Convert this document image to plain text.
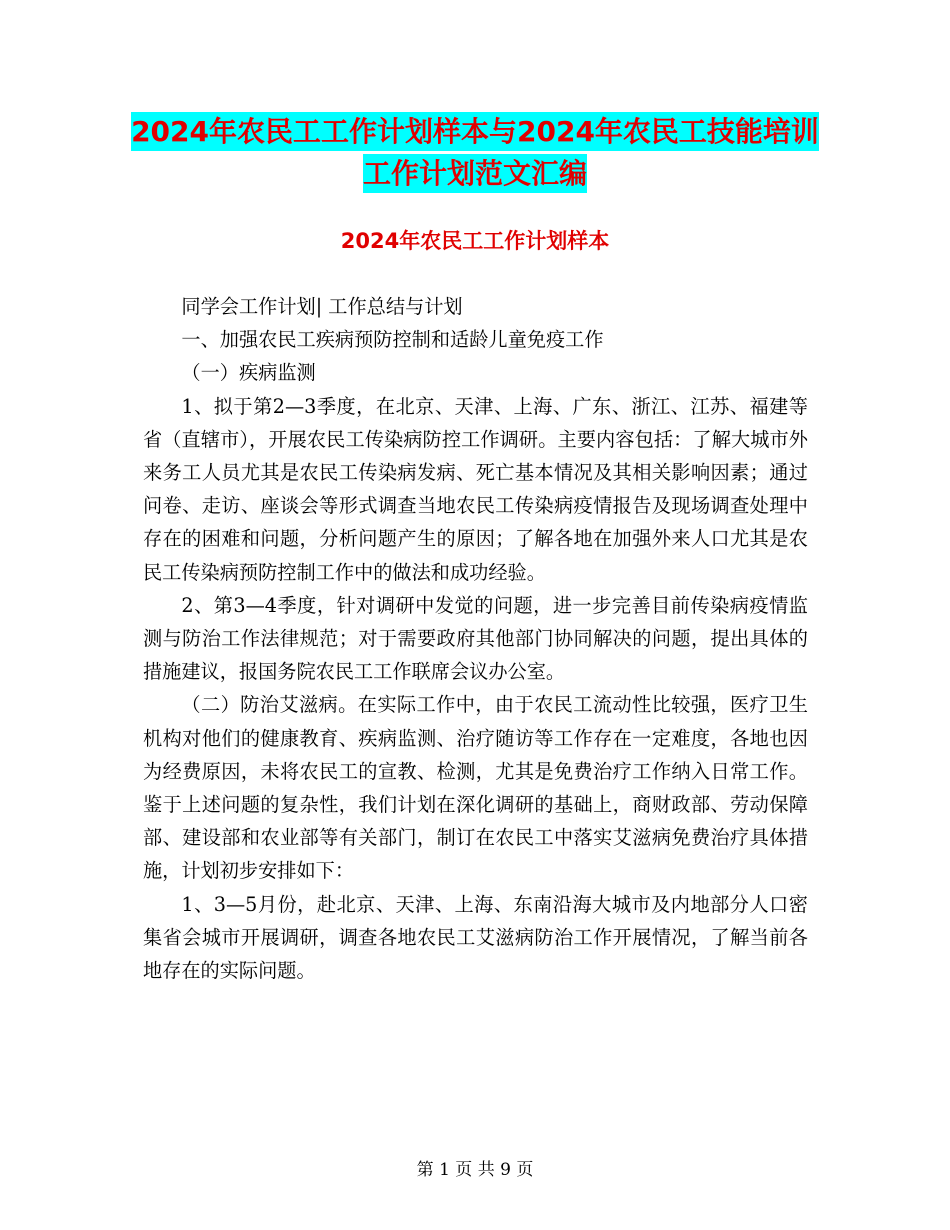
2024年农民工工作计划样本与2024年农民工技能培训
工作计划范文汇编
2024年农民工工作计划样本

同学会工作计划| 工作总结与计划

一、加强农民工疾病预防控制和适龄儿童免疫工作

（一）疾病监测

1、拟于第2—3季度，在北京、天津、上海、广东、浙江、江苏、福建等省（直辖市），开展农民工传染病防控工作调研。主要内容包括：了解大城市外来务工人员尤其是农民工传染病发病、死亡基本情况及其相关影响因素；通过问卷、走访、座谈会等形式调查当地农民工传染病疫情报告及现场调查处理中存在的困难和问题，分析问题产生的原因；了解各地在加强外来人口尤其是农民工传染病预防控制工作中的做法和成功经验。

2、第3—4季度，针对调研中发觉的问题，进一步完善目前传染病疫情监测与防治工作法律规范；对于需要政府其他部门协同解决的问题，提出具体的措施建议，报国务院农民工工作联席会议办公室。

（二）防治艾滋病。在实际工作中，由于农民工流动性比较强，医疗卫生机构对他们的健康教育、疾病监测、治疗随访等工作存在一定难度，各地也因为经费原因，未将农民工的宣教、检测，尤其是免费治疗工作纳入日常工作。鉴于上述问题的复杂性，我们计划在深化调研的基础上，商财政部、劳动保障部、建设部和农业部等有关部门，制订在农民工中落实艾滋病免费治疗具体措施，计划初步安排如下：

1、3—5月份，赴北京、天津、上海、东南沿海大城市及内地部分人口密集省会城市开展调研，调查各地农民工艾滋病防治工作开展情况，了解当前各地存在的实际问题。

第 1 页 共 9 页
